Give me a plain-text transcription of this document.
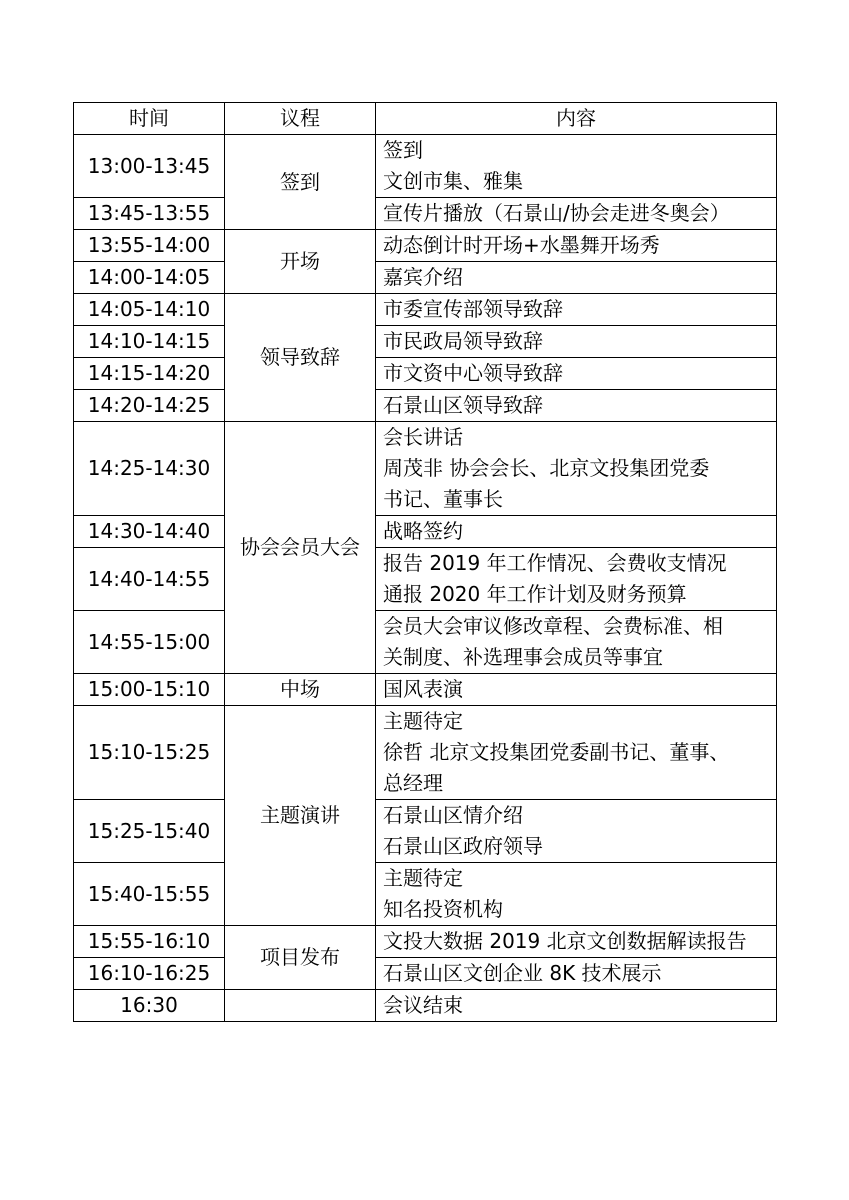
时间	议程	内容
13:00-13:45	签到	签到
文创市集、雅集

13:45-13:55		宣传片播放（石景山/协会走进冬奥会）

13:55-14:00	开场	动态倒计时开场+水墨舞开场秀

14:00-14:05		嘉宾介绍

14:05-14:10	领导致辞	市委宣传部领导致辞

14:10-14:15		市民政局领导致辞

14:15-14:20		市文资中心领导致辞

14:20-14:25		石景山区领导致辞

14:25-14:30	协会会员大会	会长讲话
周茂非 协会会长、北京文投集团党委
书记、董事长

14:30-14:40		战略签约

14:40-14:55		报告 2019 年工作情况、会费收支情况
通报 2020 年工作计划及财务预算

14:55-15:00		会员大会审议修改章程、会费标准、相
关制度、补选理事会成员等事宜

15:00-15:10	中场	国风表演

15:10-15:25	主题演讲	主题待定
徐哲 北京文投集团党委副书记、董事、
总经理

15:25-15:40		石景山区情介绍
石景山区政府领导

15:40-15:55		主题待定
知名投资机构

15:55-16:10	项目发布	文投大数据 2019 北京文创数据解读报告

16:10-16:25		石景山区文创企业 8K 技术展示

16:30		会议结束
